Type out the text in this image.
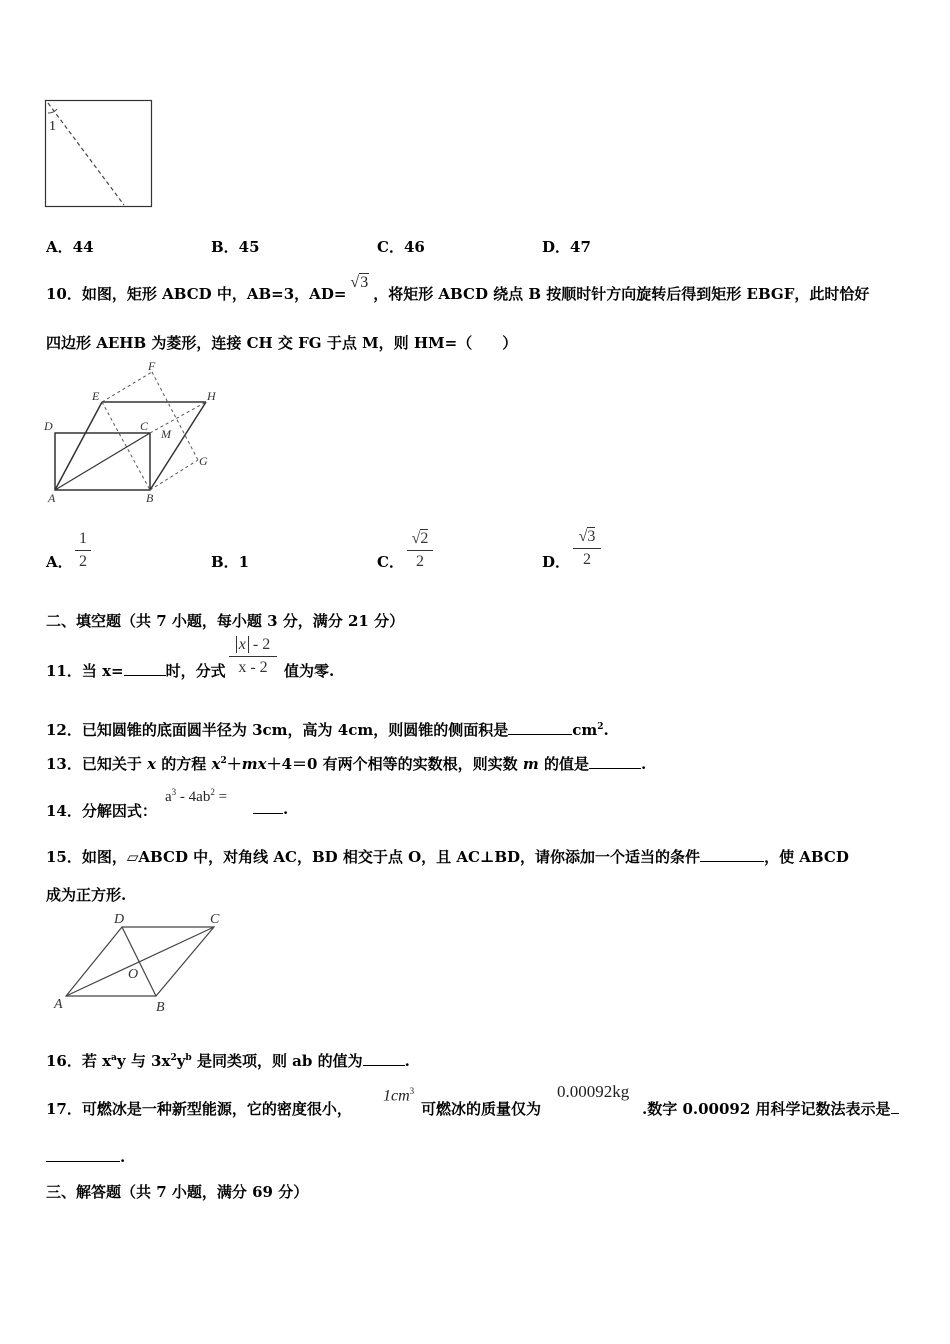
1
A．44	B．45	C．46	D．47
10．如图，矩形 ABCD 中，AB=3，AD=√3，将矩形 ABCD 绕点 B 按顺时针方向旋转后得到矩形 EBGF，此时恰好
四边形 AEHB 为菱形，连接 CH 交 FG 于点 M，则 HM=（　　）
D
E
F
H
C
M
G
A	B
A．
1
2	B．1	C．
√2
2	D．
√3
2
二、填空题（共 7 小题，每小题 3 分，满分 21 分）
11．当 x=	时，分式
x - 2
x - 2	值为零.
12．已知圆锥的底面圆半径为 3cm，高为 4cm，则圆锥的侧面积是	$cm^2$.
13．已知关于 x 的方程 $x^2+mx+4=0$ 有两个相等的实数根，则实数 m 的值是	.
14．分解因式：
$a^3 - 4ab^2$ =
.
15．如图，▱ABCD 中，对角线 AC，BD 相交于点 O，且 AC⊥BD，请你添加一个适当的条件	，使 ABCD
成为正方形.
D	C
O
A	B
16．若 $x^ay$ 与 $3x^2y^b$ 是同类项，则 ab 的值为	.
17．可燃冰是一种新型能源，它的密度很小，
$1cm^3$
可燃冰的质量仅为
0.00092kg
.数字 0.00092 用科学记数法表示是
.
三、解答题（共 7 小题，满分 69 分）
